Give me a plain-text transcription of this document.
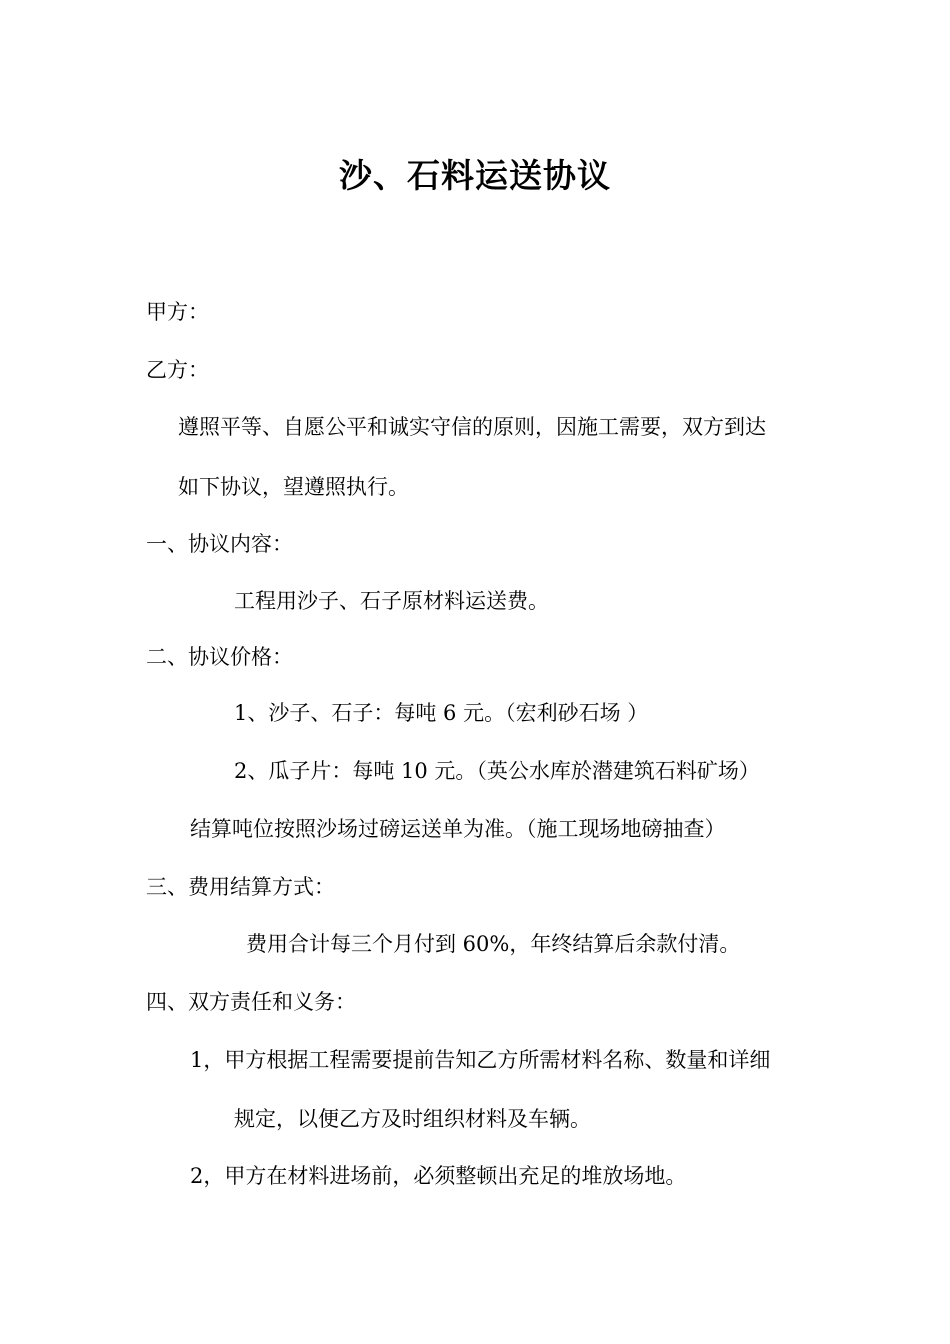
沙、石料运送协议
甲方：
乙方：
遵照平等、自愿公平和诚实守信的原则，因施工需要，双方到达
如下协议，望遵照执行。
一、协议内容：
工程用沙子、石子原材料运送费。
二、协议价格：
1、沙子、石子：每吨 6 元。（宏利砂石场 ）
2、瓜子片：每吨 10 元。（英公水库於潜建筑石料矿场）
结算吨位按照沙场过磅运送单为准。（施工现场地磅抽查）
三、费用结算方式：
费用合计每三个月付到 60%，年终结算后余款付清。
四、双方责任和义务：
1，甲方根据工程需要提前告知乙方所需材料名称、数量和详细
规定，以便乙方及时组织材料及车辆。
2，甲方在材料进场前，必须整顿出充足的堆放场地。
